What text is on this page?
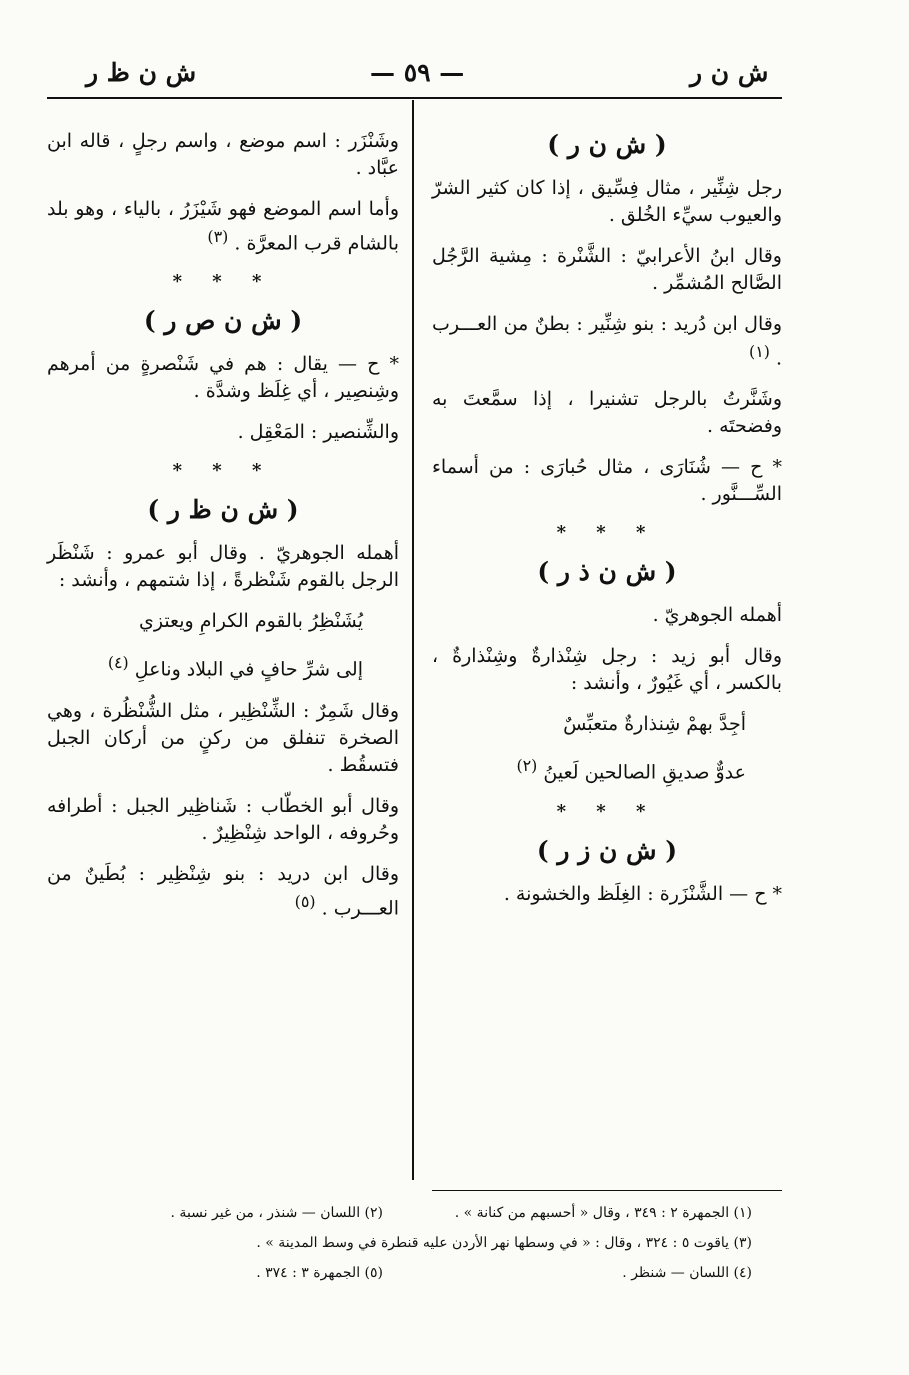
ش ن ر
— ٥٩ —
ش ن ظ ر
( ش ن ر )

رجل شِنِّير ، مثال فِسِّيق ، إذا كان كثير الشرّ والعيوب سيِّء الخُلق .

وقال ابنُ الأعرابيّ : الشَّنْرة : مِشية الرَّجُل الصَّالح المُشمِّر .

وقال ابن دُريد : بنو شِنِّير : بطنٌ من العـــرب . $^{(١)}$

وشَنَّرتُ بالرجل تشنيرا ، إذا سمَّعتَ به وفضحتَه .

* ح — شُنَارَى ، مثال حُبارَى : من أسماء السِّـــنَّور .

* * *
( ش ن ذ ر )

أهمله الجوهريّ .

وقال أبو زيد : رجل شِنْذارةٌ وشِنْذارةٌ ، بالكسر ، أي غَيُورٌ ، وأنشد :

أجِدَّ بهمْ شِنذارةٌ متعبِّسٌ
عدوٌّ صديقِ الصالحين لَعينُ $^{(٢)}$
* * *
( ش ن ز ر )

* ح — الشَّنْزَرة : الغِلَظ والخشونة .

وشَنْزَر : اسم موضع ، واسم رجلٍ ، قاله ابن عبَّاد .

وأما اسم الموضع فهو شَيْزَرُ ، بالياء ، وهو بلد بالشام قرب المعرَّة . $^{(٣)}$

* * *
( ش ن ص ر )

* ح — يقال : هم في شَنْصرةٍ من أمرهم وشِنصِير ، أي غِلَظ وشدَّة .

والشِّنصير : المَعْقِل .

* * *
( ش ن ظ ر )

أهمله الجوهريّ . وقال أبو عمرو : شَنْظَر الرجل بالقوم شَنْظرةً ، إذا شتمهم ، وأنشد :

يُشَنْظِرُ بالقوم الكرامِ ويعتزي
إلى شرِّ حافٍ في البلاد وناعلِ $^{(٤)}$

وقال شَمِرٌ : الشِّنْظِير ، مثل الشُّنْظُرة ، وهي الصخرة تنفلق من ركنٍ من أركان الجبل فتسقُط .

وقال أبو الخطّاب : شَناظِير الجبل : أطرافه وحُروفه ، الواحد شِنْظِيرٌ .

وقال ابن دريد : بنو شِنْظِير : بُطَينٌ من العـــرب . $^{(٥)}$

(١) الجمهرة ٢ : ٣٤٩ ، وقال « أحسبهم من كنانة » .
(٢) اللسان — شنذر ، من غير نسبة .
(٣) ياقوت ٥ : ٣٢٤ ، وقال : « في وسطها نهر الأردن عليه قنطرة في وسط المدينة » .
(٤) اللسان — شنظر .
(٥) الجمهرة ٣ : ٣٧٤ .
